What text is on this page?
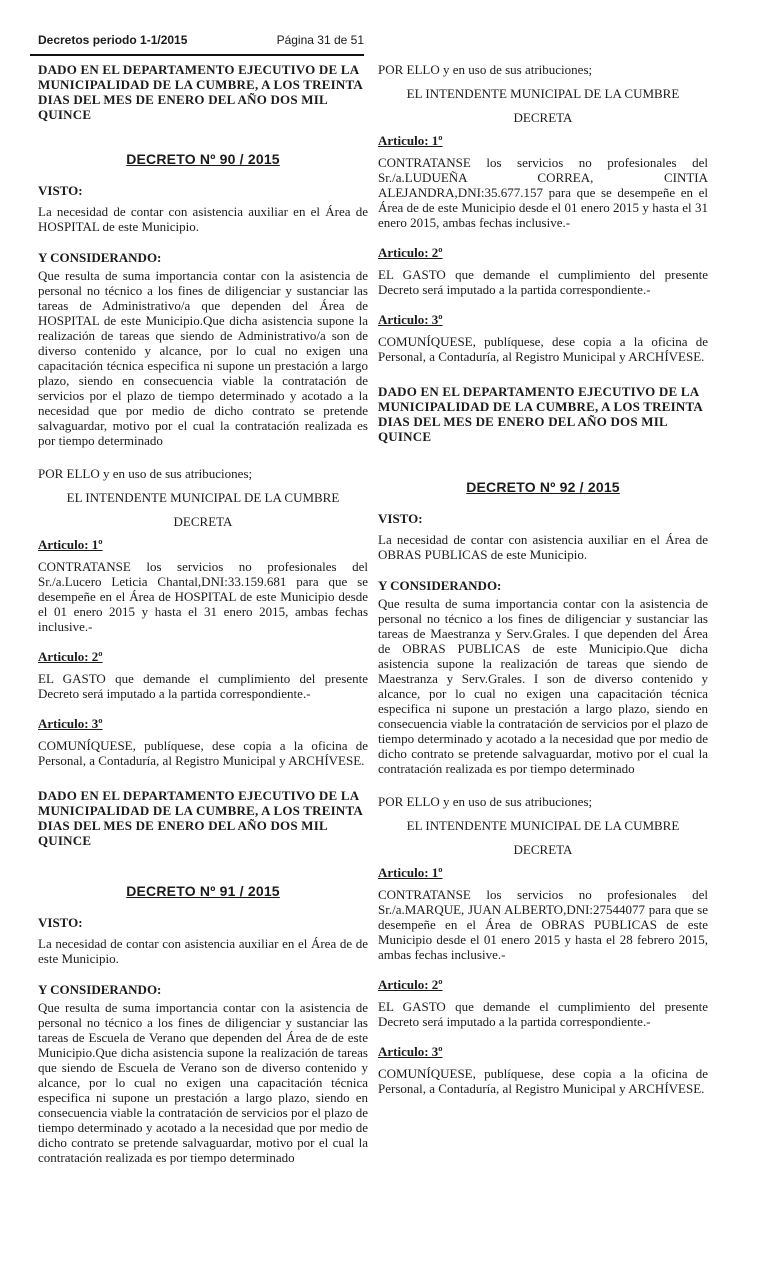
Decretos periodo 1-1/2015	Página 31 de 51

DADO EN EL DEPARTAMENTO EJECUTIVO DE LA MUNICIPALIDAD DE LA CUMBRE, A LOS TREINTA DIAS DEL MES DE ENERO DEL AÑO DOS MIL QUINCE

DECRETO Nº 90 / 2015

VISTO:

La necesidad de contar con asistencia auxiliar en el Área de HOSPITAL de este Municipio.

Y CONSIDERANDO:

Que resulta de suma importancia contar con la asistencia de personal no técnico a los fines de diligenciar y sustanciar las tareas de Administrativo/a que dependen del Área de HOSPITAL de este Municipio.Que dicha asistencia supone la realización de tareas que siendo de Administrativo/a son de diverso contenido y alcance, por lo cual no exigen una capacitación técnica especifica ni supone un prestación a largo plazo, siendo en consecuencia viable la contratación de servicios por el plazo de tiempo determinado y acotado a la necesidad que por medio de dicho contrato se pretende salvaguardar, motivo por el cual la contratación realizada es por tiempo determinado

POR ELLO y en uso de sus atribuciones;

EL INTENDENTE MUNICIPAL DE LA CUMBRE

DECRETA

Articulo: 1º

CONTRATANSE los servicios no profesionales del Sr./a.Lucero Leticia Chantal,DNI:33.159.681 para que se desempeñe en el Área de HOSPITAL de este Municipio desde el 01 enero 2015 y hasta el 31 enero 2015, ambas fechas inclusive.-

Articulo: 2º

EL GASTO que demande el cumplimiento del presente Decreto será imputado a la partida correspondiente.-

Articulo: 3º

COMUNÍQUESE, publíquese, dese copia a la oficina de Personal, a Contaduría, al Registro Municipal y ARCHÍVESE.

DADO EN EL DEPARTAMENTO EJECUTIVO DE LA MUNICIPALIDAD DE LA CUMBRE, A LOS TREINTA DIAS DEL MES DE ENERO DEL AÑO DOS MIL QUINCE

DECRETO Nº 91 / 2015

VISTO:

La necesidad de contar con asistencia auxiliar en el Área de de este Municipio.

Y CONSIDERANDO:

Que resulta de suma importancia contar con la asistencia de personal no técnico a los fines de diligenciar y sustanciar las tareas de Escuela de Verano que dependen del Área de de este Municipio.Que dicha asistencia supone la realización de tareas que siendo de Escuela de Verano son de diverso contenido y alcance, por lo cual no exigen una capacitación técnica especifica ni supone un prestación a largo plazo, siendo en consecuencia viable la contratación de servicios por el plazo de tiempo determinado y acotado a la necesidad que por medio de dicho contrato se pretende salvaguardar, motivo por el cual la contratación realizada es por tiempo determinado

POR ELLO y en uso de sus atribuciones;

EL INTENDENTE MUNICIPAL DE LA CUMBRE

DECRETA

Articulo: 1º

CONTRATANSE los servicios no profesionales del Sr./a.LUDUEÑA CORREA, CINTIA ALEJANDRA,DNI:35.677.157 para que se desempeñe en el Área de de este Municipio desde el 01 enero 2015 y hasta el 31 enero 2015, ambas fechas inclusive.-

Articulo: 2º

EL GASTO que demande el cumplimiento del presente Decreto será imputado a la partida correspondiente.-

Articulo: 3º

COMUNÍQUESE, publíquese, dese copia a la oficina de Personal, a Contaduría, al Registro Municipal y ARCHÍVESE.

DADO EN EL DEPARTAMENTO EJECUTIVO DE LA MUNICIPALIDAD DE LA CUMBRE, A LOS TREINTA DIAS DEL MES DE ENERO DEL AÑO DOS MIL QUINCE

DECRETO Nº 92 / 2015

VISTO:

La necesidad de contar con asistencia auxiliar en el Área de OBRAS PUBLICAS de este Municipio.

Y CONSIDERANDO:

Que resulta de suma importancia contar con la asistencia de personal no técnico a los fines de diligenciar y sustanciar las tareas de Maestranza y Serv.Grales. I que dependen del Área de OBRAS PUBLICAS de este Municipio.Que dicha asistencia supone la realización de tareas que siendo de Maestranza y Serv.Grales. I son de diverso contenido y alcance, por lo cual no exigen una capacitación técnica especifica ni supone un prestación a largo plazo, siendo en consecuencia viable la contratación de servicios por el plazo de tiempo determinado y acotado a la necesidad que por medio de dicho contrato se pretende salvaguardar, motivo por el cual la contratación realizada es por tiempo determinado

POR ELLO y en uso de sus atribuciones;

EL INTENDENTE MUNICIPAL DE LA CUMBRE

DECRETA

Articulo: 1º

CONTRATANSE los servicios no profesionales del Sr./a.MARQUE, JUAN ALBERTO,DNI:27544077 para que se desempeñe en el Área de OBRAS PUBLICAS de este Municipio desde el 01 enero 2015 y hasta el 28 febrero 2015, ambas fechas inclusive.-

Articulo: 2º

EL GASTO que demande el cumplimiento del presente Decreto será imputado a la partida correspondiente.-

Articulo: 3º

COMUNÍQUESE, publíquese, dese copia a la oficina de Personal, a Contaduría, al Registro Municipal y ARCHÍVESE.
